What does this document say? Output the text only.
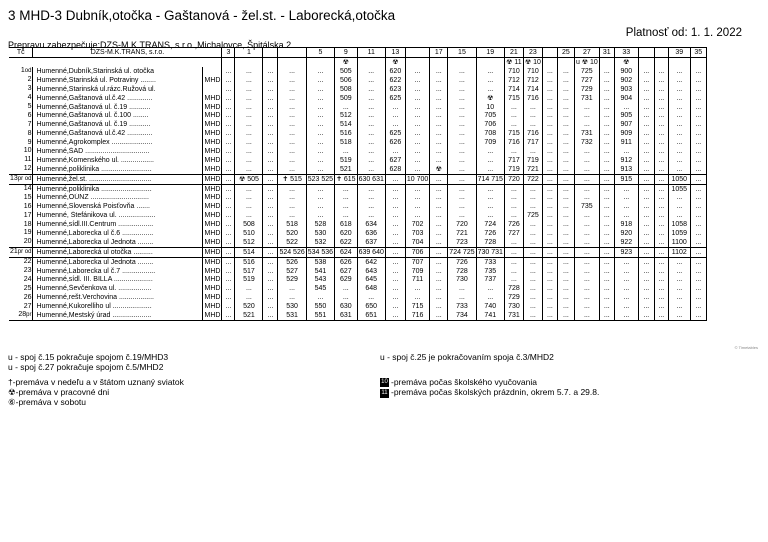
3 MHD-3 Dubník,otočka - Gaštanová - žel.st. - Laborecká,otočka
Platnosť od: 1. 1. 2022
Prepravu zabezpečuje:DZS-M.K.TRANS, s.r.o.,Michalovce, Špitálska 2
Tč	DZS-M.K.TRANS, s.r.o.		3	1			5	9	11	13		17	15	19	21	23		25	27	31	33			39	35
								☢		☢					☢ 11	☢ 10			u ☢ 10		☢				
1od	Humenné,Dubník,Starinská ul. otočka		...	...	...	...	...	505	...	620	...	...	...	...	710	710	...	...	725	...	900	...	...	...	...
2	Humenné,Starinská ul. Potraviny ........	MHD	...	...	...	...	...	506	...	622	...	...	...	...	712	712	...	...	727	...	902	...	...	...	...
3	Humenné,Starinská ul.rázc.Ružová ul.		...	...	...	...	...	508	...	623	...	...	...	...	714	714	...	...	729	...	903	...	...	...	...
4	Humenné,Gaštanová ul.č.42 .............	MHD	...	...	...	...	...	509	...	625	...	...	...	☢	715	716	...	...	731	...	904	...	...	...	...
5	Humenné,Gaštanová ul. č.19 ...........	MHD	...	...	...	...	...	...	...	...	...	...	...	10	...	...	...	...	...	...	...	...	...	...	...
6	Humenné,Gaštanová ul. č.100 ........	MHD	...	...	...	...	...	512	...	...	...	...	...	705	...	...	...	...	...	...	905	...	...	...	...
7	Humenné,Gaštanová ul. č.19 ...........	MHD	...	...	...	...	...	514	...	...	...	...	...	706	...	...	...	...	...	...	907	...	...	...	...
8	Humenné,Gaštanová ul.č.42 .............	MHD	...	...	...	...	...	516	...	625	...	...	...	708	715	716	...	...	731	...	909	...	...	...	...
9	Humenné,Agrokomplex .....................	MHD	...	...	...	...	...	518	...	626	...	...	...	709	716	717	...	...	732	...	911	...	...	...	...
10	Humenné,ŠAD .................................	MHD	...	...	...	...	...	...	...	...	...	...	...	...	...	...	...	...	...	...	...	...	...	...	...
11	Humenné,Komenského ul. .................	MHD	...	...	...	...	...	519	...	627	...	...	...	...	717	719	...	...	...	...	912	...	...	...	...
12	Humenné,poliklinika ..........................	MHD	...	...	...	...	...	521	...	628	...	☢	...	...	719	721	...	...	...	...	913	...	...	...	...
13pr od	Humenné,žel.st. ................................	MHD	...	☢ 505	...	✝ 515	523 525	✝ 615	630 631	...	10 700	...	...	714 715	720	722	...	...	...	...	915	...	...	1050	...
14	Humenné,poliklinika ..........................	MHD	...	...	...	...	...	...	...	...	...	...	...	...	...	...	...	...	...	...	...	...	...	1055	...
15	Humenné,OÚNZ ..............................	MHD	...	...	...	...	...	...	...	...	...	...	...	...	...	...	...	...	...	...	...	...	...	...	...
16	Humenné,Slovenská Poisťovňa .......	MHD	...	...	...	...	...	...	...	...	...	...	...	...	...	...	...	...	735	...	...	...	...	...	...
17	Humenné, Štefánikova ul. ...................	MHD	...	...	...	...	...	...	...	...	...	...	...	...	...	725	...	...	...	...	...	...	...	...	...
18	Humenné,sídl.III.Centrum ..................	MHD	...	508	...	518	528	618	634	...	702	...	720	724	726	...	...	...	...	...	918	...	...	1058	...
19	Humenné,Laborecka ul č.6 ................	MHD	...	510	...	520	530	620	636	...	703	...	721	726	727	...	...	...	...	...	920	...	...	1059	...
20	Humenné,Laborecka ul Jednota ........	MHD	...	512	...	522	532	622	637	...	704	...	723	728	...	...	...	...	...	...	922	...	...	1100	...
21pr od	Humenné,Laborecká ul otočka ..........	MHD	...	514	...	524 526	534 536	624	639 640	...	706	...	724 725	730 731	...	...	...	...	...	...	923	...	...	1102	...
22	Humenné,Laborecka ul Jednota ........	MHD	...	516	...	526	538	626	642	...	707	...	726	733	...	...	...	...	...	...	...	...	...	...	...
23	Humenné,Laborecka ul č.7 .................	MHD	...	517	...	527	541	627	643	...	709	...	728	735	...	...	...	...	...	...	...	...	...	...	...
24	Humenné,sídl. III. BILLA ....................	MHD	...	519	...	529	543	629	645	...	711	...	730	737	...	...	...	...	...	...	...	...	...	...	...
25	Humenné,Ševčenkova ul. .................	MHD	...	...	...	...	545	...	648	...	...	...	...	...	728	...	...	...	...	...	...	...	...	...	...
26	Humenné,rešt.Verchovina ..................	MHD	...	...	...	...	...	...	...	...	...	...	...	...	729	...	...	...	...	...	...	...	...	...	...
27	Humenné,Kukorelliho ul ....................	MHD	...	520	...	530	550	630	650	...	715	...	733	740	730	...	...	...	...	...	...	...	...	...	...
28pr	Humenné,Mestský úrad ....................	MHD	...	521	...	531	551	631	651	...	716	...	734	741	731	...	...	...	...	...	...	...	...	...	...
u - spoj č.15 pokračuje spojom č.19/MHD3
u - spoj č.27 pokračuje spojom č.5/MHD2
u - spoj č.25 je pokračovaním spoja č.3/MHD2
†-premáva v nedeľu a v štátom uznaný sviatok
☢-premáva v pracovné dni
⑥-premáva v sobotu
10 -premáva počas školského vyučovania
11 -premáva počas školských prázdnin, okrem 5.7. a 29.8.
© Timetables
